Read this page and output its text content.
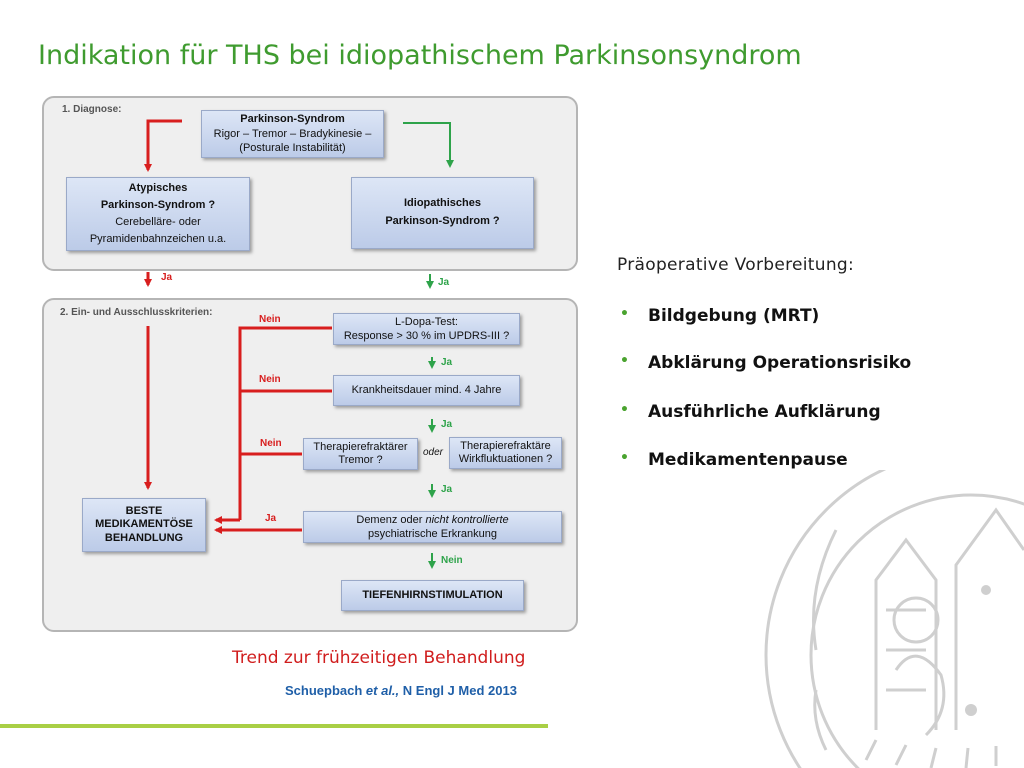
Indikation für THS bei idiopathischem Parkinsonsyndrom
1. Diagnose:
2. Ein- und Ausschlusskriterien:
Parkinson-Syndrom
Rigor – Tremor – Bradykinesie –
(Posturale Instabilität)
Atypisches
Parkinson-Syndrom ?
Cerebelläre- oder
Pyramidenbahnzeichen u.a.
Idiopathisches
Parkinson-Syndrom ?
Ja	Ja
L-Dopa-Test:
Response > 30 % im UPDRS-III ?
Krankheitsdauer mind. 4 Jahre
Therapierefraktärer
Tremor ?
oder
Therapierefraktäre
Wirkfluktuationen ?
Demenz oder nicht kontrollierte
psychiatrische Erkrankung
BESTE
MEDIKAMENTÖSE
BEHANDLUNG
TIEFENHIRNSTIMULATION
Nein
Nein
Nein
Ja
Ja
Ja
Ja
Nein
Präoperative Vorbereitung:
• Bildgebung (MRT)
• Abklärung Operationsrisiko
• Ausführliche Aufklärung
• Medikamentenpause
Trend zur frühzeitigen Behandlung
Schuepbach et al., N Engl J Med 2013
